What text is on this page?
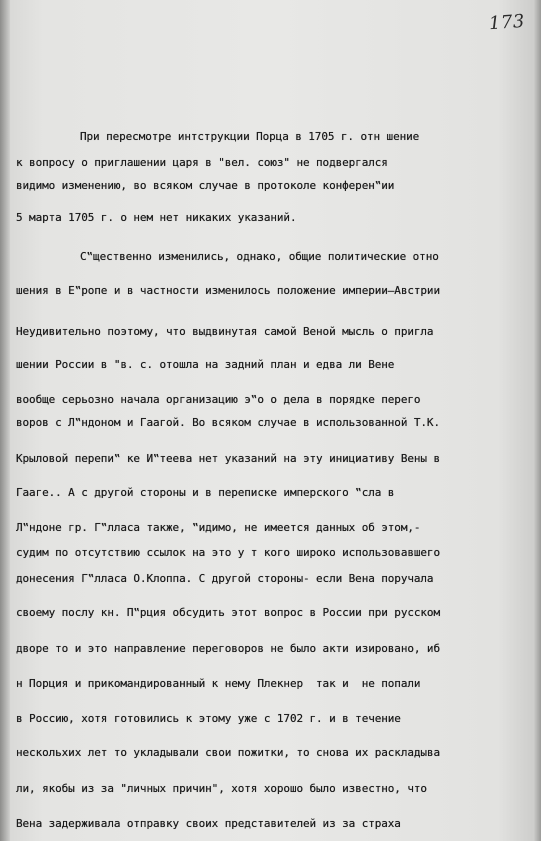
173

При пересмотре интструкции Порца в 1705 г. отн шение

к вопросу о приглашении царя в "вел. союз" не подвергался

видимо изменению, во всяком случае в протоколе конферен‟ии

5 марта 1705 г. о нем нет никаких указаний.

С‟щественно изменились, однако, общие политические отно

шения в Е‟ропе и в частности изменилось положение империи–Австрии

Неудивительно поэтому, что выдвинутая самой Веной мысль о пригла

шении России в "в. с. отошла на задний план и едва ли Вене

вообще серьозно начала организацию э‟о о дела в порядке перего

воров с Л‟ндоном и Гаагой. Во всяком случае в использованной Т.К.

Крыловой перепи‟ ке И‟теева нет указаний на эту инициативу Вены в

Гааге.. А с другой стороны и в переписке имперского ‟сла в

Л‟ндоне гр. Г‟лласа также, ‟идимо, не имеется данных об этом,-

судим по отсутствию ссылок на это у т кого широко использовавшего

донесения Г‟лласа О.Клоппа. С другой стороны- если Вена поручала

своему послу кн. П‟рция обсудить этот вопрос в России при русском

дворе то и это направление переговоров не было акти изировано, иб

н Порция и прикомандированный к нему Плекнер  так и  не попали

в Россию, хотя готовились к этому уже с 1702 г. и в течение

нескольхих лет то укладывали свои пожитки, то снова их раскладыва

ли, якобы из за "личных причин", хотя хорошо было известно, что

Вена задерживала отправку своих представителей из за страха
